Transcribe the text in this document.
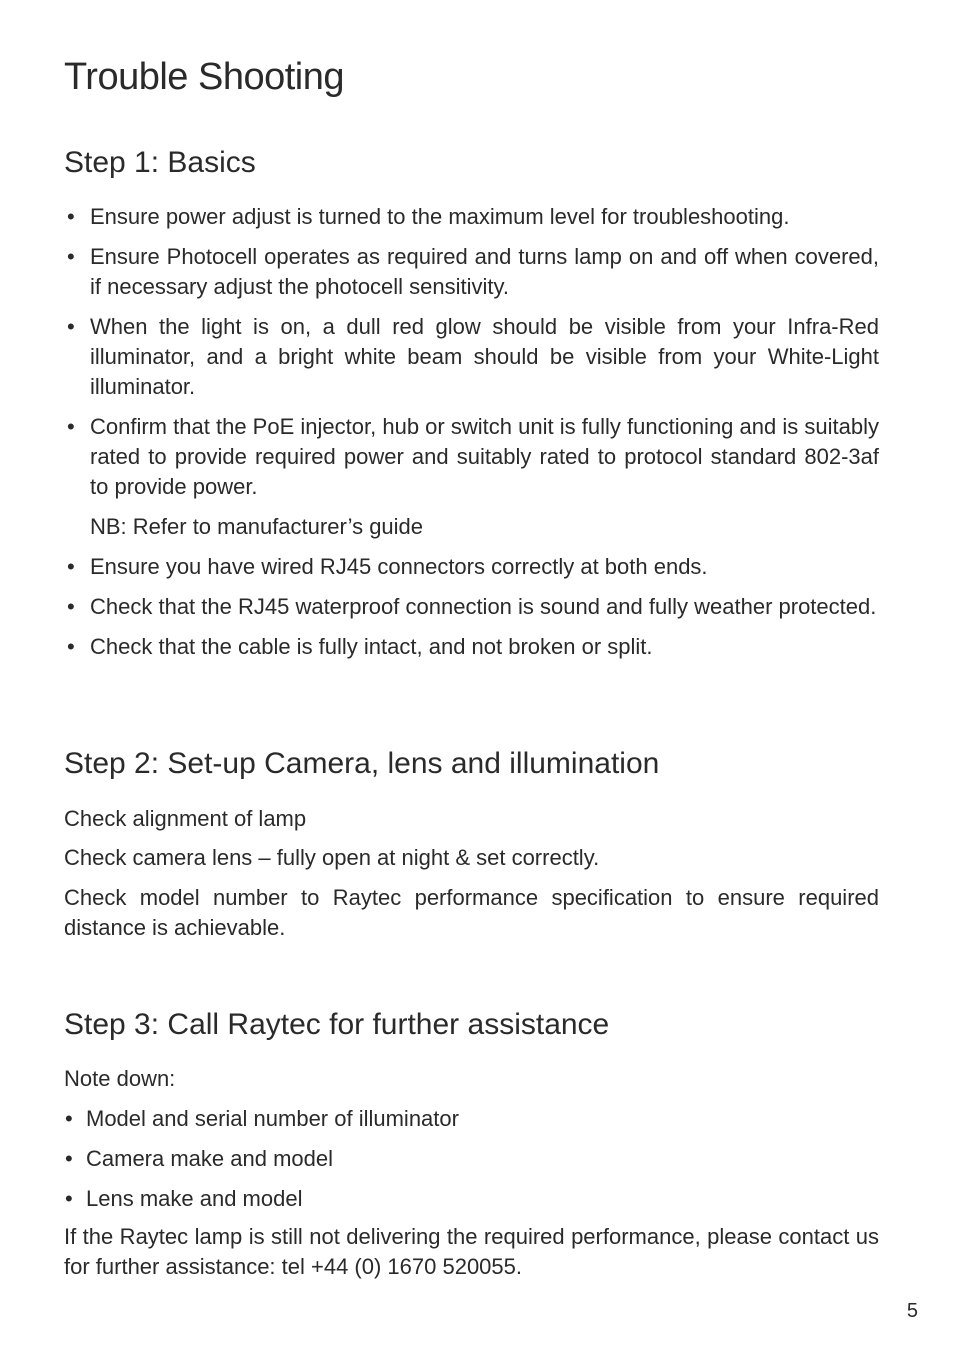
Trouble Shooting
Step 1: Basics
• Ensure power adjust is turned to the maximum level for troubleshooting.
• Ensure Photocell operates as required and turns lamp on and off when covered, if necessary adjust the photocell sensitivity.
• When the light is on, a dull red glow should be visible from your Infra-Red illuminator, and a bright white beam should be visible from your White-Light illuminator.
• Confirm that the PoE injector, hub or switch unit is fully functioning and is suitably rated to provide required power and suitably rated to protocol standard 802-3af to provide power.
NB: Refer to manufacturer’s guide
• Ensure you have wired RJ45 connectors correctly at both ends.
• Check that the RJ45 waterproof connection is sound and fully weather protected.
• Check that the cable is fully intact, and not broken or split.
Step 2: Set-up Camera, lens and illumination

Check alignment of lamp

Check camera lens – fully open at night & set correctly.

Check model number to Raytec performance specification to ensure required distance is achievable.

Step 3: Call Raytec for further assistance

Note down:

• Model and serial number of illuminator
• Camera make and model
• Lens make and model

If the Raytec lamp is still not delivering the required performance, please contact us for further assistance: tel +44 (0) 1670 520055.

5
